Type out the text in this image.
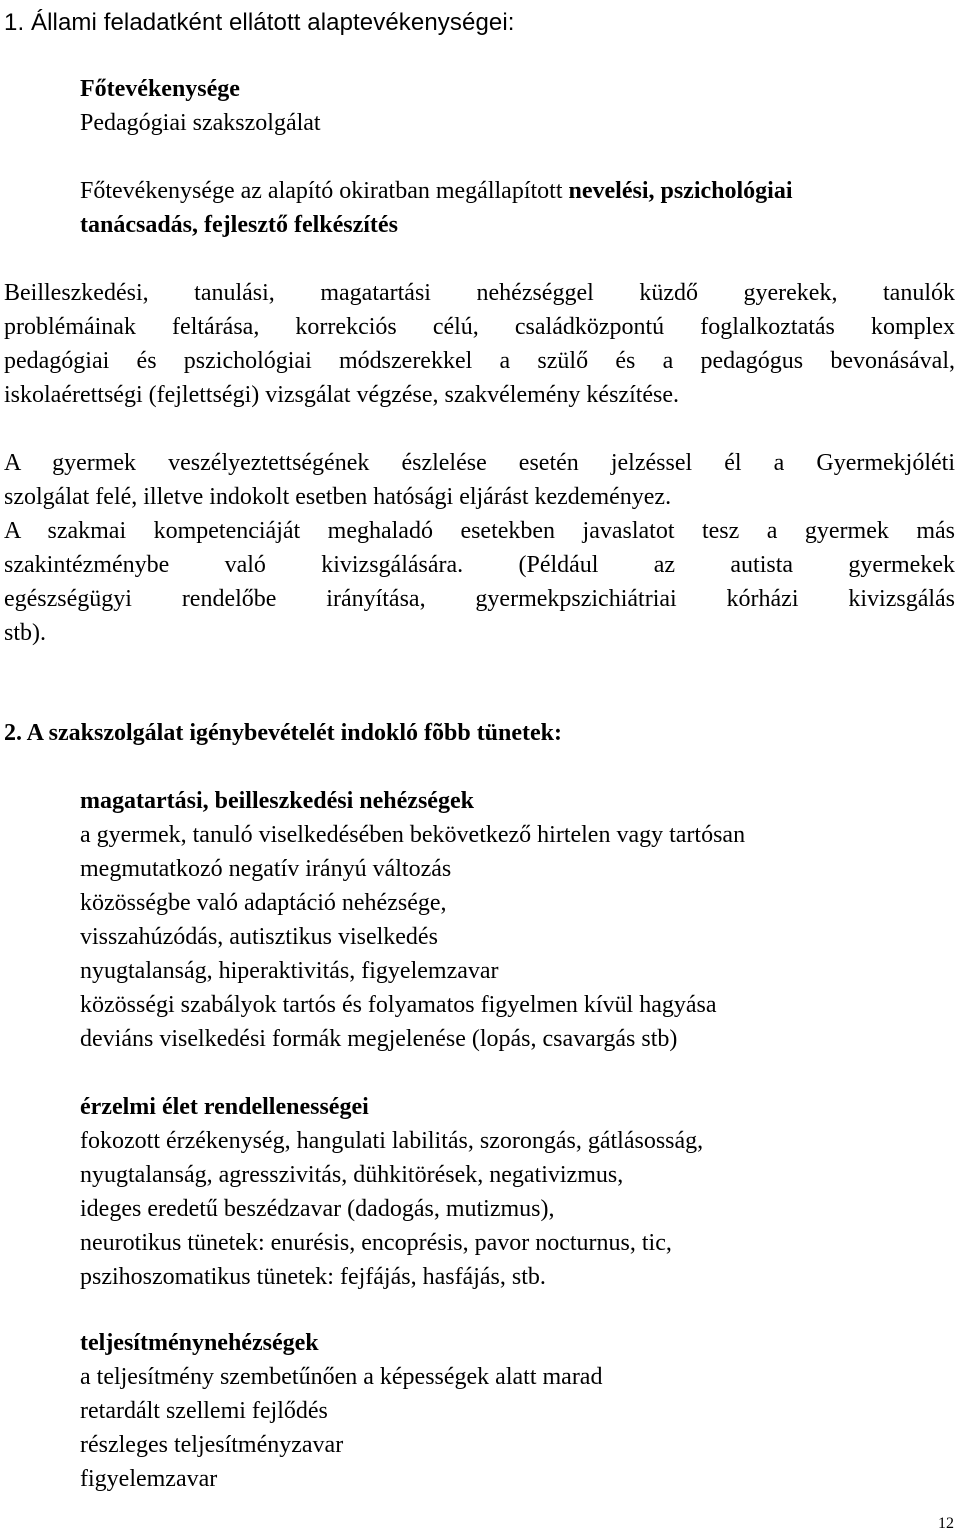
1. Állami feladatként ellátott alaptevékenységei:
Főtevékenysége
Pedagógiai szakszolgálat
Főtevékenysége az alapító okiratban megállapított nevelési, pszichológiai
tanácsadás, fejlesztő felkészítés
Beilleszkedési, tanulási, magatartási nehézséggel küzdő gyerekek, tanulók
problémáinak feltárása, korrekciós célú, családközpontú foglalkoztatás komplex
pedagógiai és pszichológiai módszerekkel a szülő és a pedagógus bevonásával,
iskolaérettségi (fejlettségi) vizsgálat végzése, szakvélemény készítése.
A gyermek veszélyeztettségének észlelése esetén jelzéssel él a Gyermekjóléti
szolgálat felé, illetve indokolt esetben hatósági eljárást kezdeményez.
A szakmai kompetenciáját meghaladó esetekben javaslatot tesz a gyermek más
szakintézménybe való kivizsgálására. (Például az autista gyermekek
egészségügyi rendelőbe irányítása, gyermekpszichiátriai kórházi kivizsgálás
stb).
2. A szakszolgálat igénybevételét indokló fõbb tünetek:
magatartási, beilleszkedési nehézségek
a gyermek, tanuló viselkedésében bekövetkező hirtelen vagy tartósan
megmutatkozó negatív irányú változás
közösségbe való adaptáció nehézsége,
visszahúzódás, autisztikus viselkedés
nyugtalanság, hiperaktivitás, figyelemzavar
közösségi szabályok tartós és folyamatos figyelmen kívül hagyása
deviáns viselkedési formák megjelenése (lopás, csavargás stb)
érzelmi élet rendellenességei
fokozott érzékenység, hangulati labilitás, szorongás, gátlásosság,
nyugtalanság, agresszivitás, dühkitörések, negativizmus,
ideges eredetű beszédzavar (dadogás, mutizmus),
neurotikus tünetek: enurésis, encoprésis, pavor nocturnus, tic,
pszihoszomatikus tünetek: fejfájás, hasfájás, stb.
teljesítménynehézségek
a teljesítmény szembetűnően a képességek alatt marad
retardált szellemi fejlődés
részleges teljesítményzavar
figyelemzavar
12
